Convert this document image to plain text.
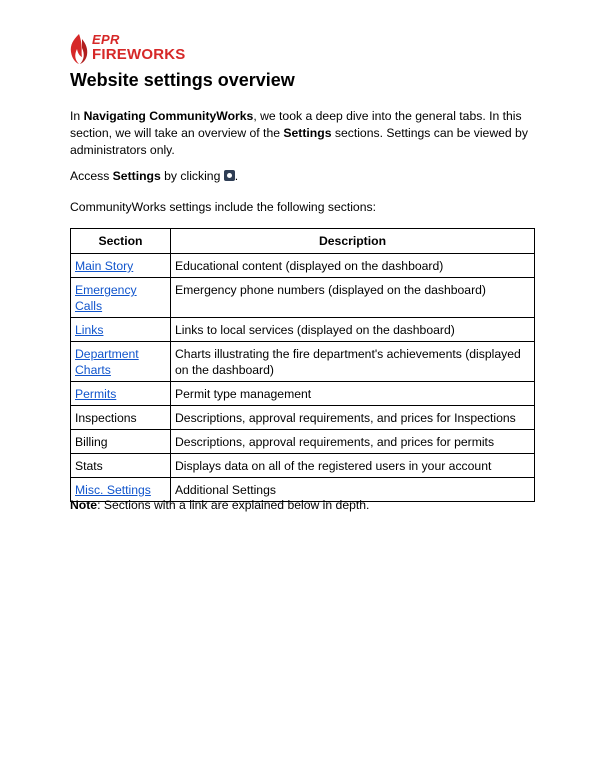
EPR
FIREWORKS
Website settings overview

In Navigating CommunityWorks, we took a deep dive into the general tabs. In this section, we will take an overview of the Settings sections. Settings can be viewed by administrators only.

Access Settings by clicking .

CommunityWorks settings include the following sections:

Section	Description
Main Story	Educational content (displayed on the dashboard)
Emergency Calls	Emergency phone numbers (displayed on the dashboard)
Links	Links to local services (displayed on the dashboard)
Department Charts	Charts illustrating the fire department's achievements (displayed on the dashboard)
Permits	Permit type management
Inspections	Descriptions, approval requirements, and prices for Inspections
Billing	Descriptions, approval requirements, and prices for permits
Stats	Displays data on all of the registered users in your account
Misc. Settings	Additional Settings

Note: Sections with a link are explained below in depth.
